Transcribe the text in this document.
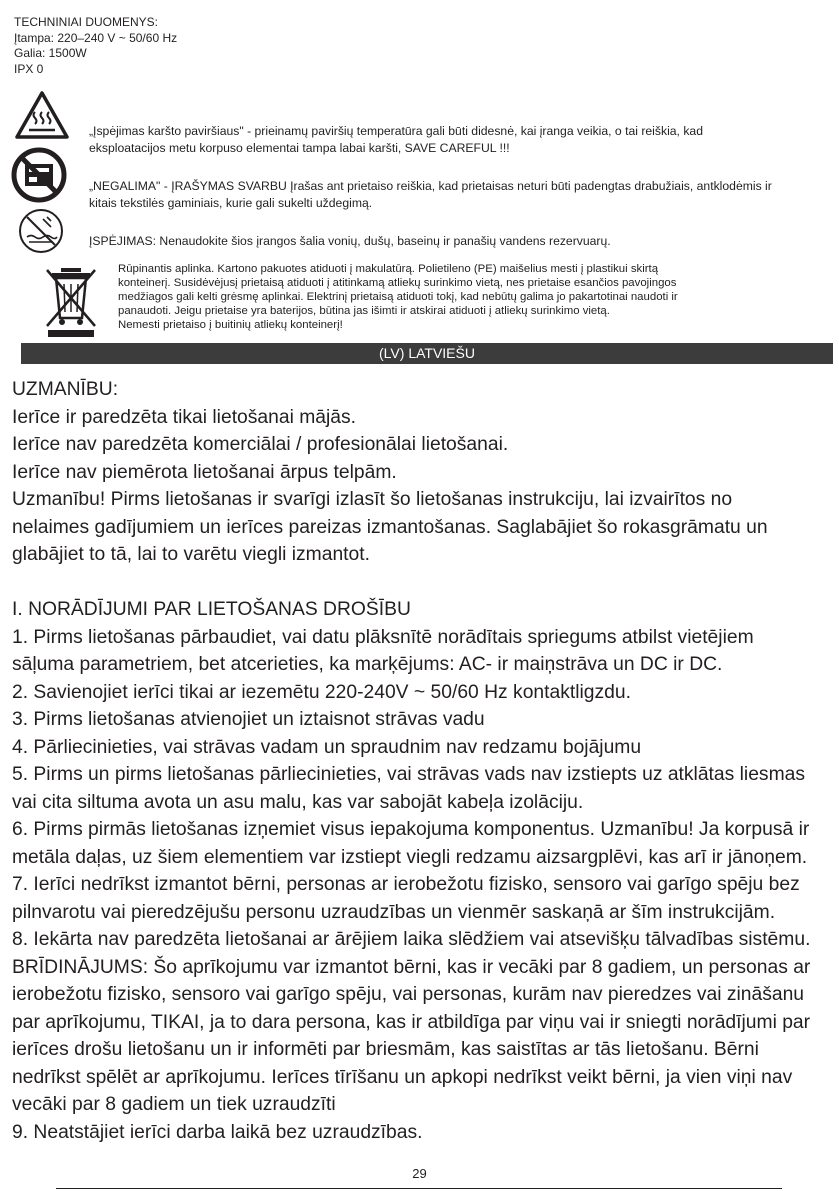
TECHNINIAI DUOMENYS:
Įtampa: 220–240 V ~ 50/60 Hz
Galia: 1500W
IPX 0
„Įspėjimas karšto paviršiaus" - prieinamų paviršių temperatūra gali būti didesnė, kai įranga veikia, o tai reiškia, kad
eksploatacijos metu korpuso elementai tampa labai karšti, SAVE CAREFUL !!!
„NEGALIMA" - ĮRAŠYMAS SVARBU Įrašas ant prietaiso reiškia, kad prietaisas neturi būti padengtas drabužiais, antklodėmis ir
kitais tekstilės gaminiais, kurie gali sukelti uždegimą.
ĮSPĖJIMAS: Nenaudokite šios įrangos šalia vonių, dušų, baseinų ir panašių vandens rezervuarų.
Rūpinantis aplinka. Kartono pakuotes atiduoti į makulatūrą. Polietileno (PE) maišelius mesti į plastikui skirtą
konteinerį. Susidėvėjusį prietaisą atiduoti į atitinkamą atliekų surinkimo vietą, nes prietaise esančios pavojingos
medžiagos gali kelti grėsmę aplinkai. Elektrinį prietaisą atiduoti tokį, kad nebūtų galima jo pakartotinai naudoti ir
panaudoti. Jeigu prietaise yra baterijos, būtina jas išimti ir atskirai atiduoti į atliekų surinkimo vietą.
Nemesti prietaiso į buitinių atliekų konteinerį!
(LV) LATVIEŠU
UZMANĪBU:
Ierīce ir paredzēta tikai lietošanai mājās.
Ierīce nav paredzēta komerciālai / profesionālai lietošanai.
Ierīce nav piemērota lietošanai ārpus telpām.
Uzmanību! Pirms lietošanas ir svarīgi izlasīt šo lietošanas instrukciju, lai izvairītos no
nelaimes gadījumiem un ierīces pareizas izmantošanas. Saglabājiet šo rokasgrāmatu un
glabājiet to tā, lai to varētu viegli izmantot.
I. NORĀDĪJUMI PAR LIETOŠANAS DROŠĪBU
1. Pirms lietošanas pārbaudiet, vai datu plāksnītē norādītais spriegums atbilst vietējiem
sāļuma parametriem, bet atcerieties, ka marķējums: AC- ir maiņstrāva un DC ir DC.
2. Savienojiet ierīci tikai ar iezemētu 220-240V ~ 50/60 Hz kontaktligzdu.
3. Pirms lietošanas atvienojiet un iztaisnot strāvas vadu
4. Pārliecinieties, vai strāvas vadam un spraudnim nav redzamu bojājumu
5. Pirms un pirms lietošanas pārliecinieties, vai strāvas vads nav izstiepts uz atklātas liesmas
vai cita siltuma avota un asu malu, kas var sabojāt kabeļa izolāciju.
6. Pirms pirmās lietošanas izņemiet visus iepakojuma komponentus. Uzmanību! Ja korpusā ir
metāla daļas, uz šiem elementiem var izstiept viegli redzamu aizsargplēvi, kas arī ir jānoņem.
7. Ierīci nedrīkst izmantot bērni, personas ar ierobežotu fizisko, sensoro vai garīgo spēju bez
pilnvarotu vai pieredzējušu personu uzraudzības un vienmēr saskaņā ar šīm instrukcijām.
8. Iekārta nav paredzēta lietošanai ar ārējiem laika slēdžiem vai atsevišķu tālvadības sistēmu.
BRĪDINĀJUMS: Šo aprīkojumu var izmantot bērni, kas ir vecāki par 8 gadiem, un personas ar
ierobežotu fizisko, sensoro vai garīgo spēju, vai personas, kurām nav pieredzes vai zināšanu
par aprīkojumu, TIKAI, ja to dara persona, kas ir atbildīga par viņu vai ir sniegti norādījumi par
ierīces drošu lietošanu un ir informēti par briesmām, kas saistītas ar tās lietošanu. Bērni
nedrīkst spēlēt ar aprīkojumu. Ierīces tīrīšanu un apkopi nedrīkst veikt bērni, ja vien viņi nav
vecāki par 8 gadiem un tiek uzraudzīti
9. Neatstājiet ierīci darba laikā bez uzraudzības.
29
